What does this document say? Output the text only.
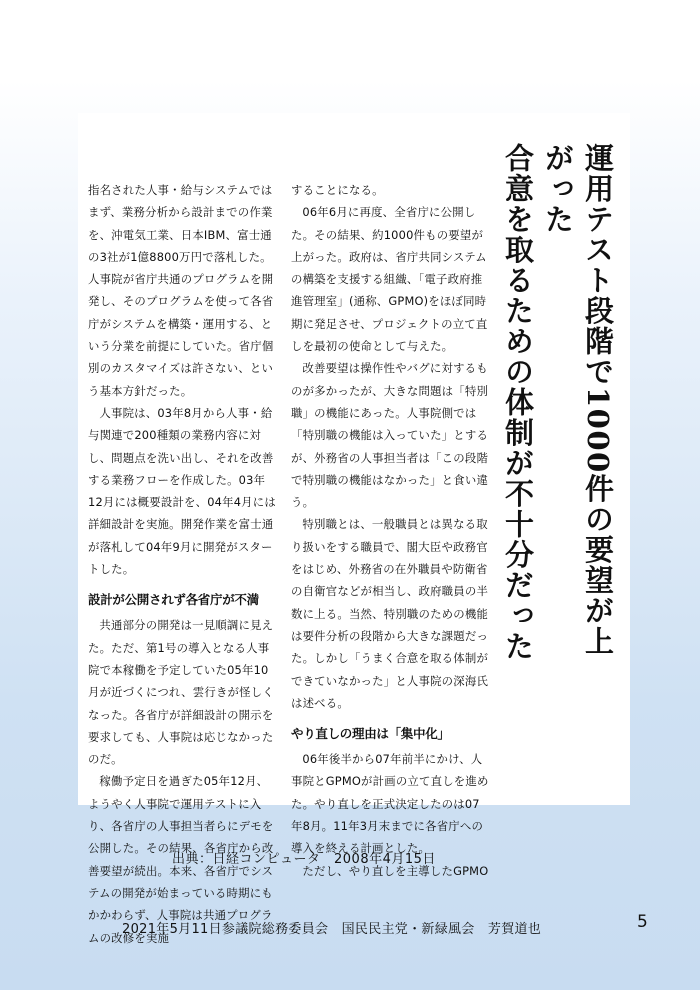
指名された人事・給与システムではまず、業務分析から設計までの作業を、沖電気工業、日本IBM、富士通の3社が1億8800万円で落札した。人事院が省庁共通のプログラムを開発し、そのプログラムを使って各省庁がシステムを構築・運用する、という分業を前提にしていた。省庁個別のカスタマイズは許さない、という基本方針だった。

人事院は、03年8月から人事・給与関連で200種類の業務内容に対し、問題点を洗い出し、それを改善する業務フローを作成した。03年12月には概要設計を、04年4月には詳細設計を実施。開発作業を富士通が落札して04年9月に開発がスタートした。

設計が公開されず各省庁が不満

共通部分の開発は一見順調に見えた。ただ、第1号の導入となる人事院で本稼働を予定していた05年10月が近づくにつれ、雲行きが怪しくなった。各省庁が詳細設計の開示を要求しても、人事院は応じなかったのだ。

稼働予定日を過ぎた05年12月、ようやく人事院で運用テストに入り、各省庁の人事担当者らにデモを公開した。その結果、各省庁から改善要望が続出。本来、各省庁でシステムの開発が始まっている時期にもかかわらず、人事院は共通プログラムの改修を実施

することになる。

06年6月に再度、全省庁に公開した。その結果、約1000件もの要望が上がった。政府は、省庁共同システムの構築を支援する組織、「電子政府推進管理室」(通称、GPMO)をほぼ同時期に発足させ、プロジェクトの立て直しを最初の使命として与えた。

改善要望は操作性やバグに対するものが多かったが、大きな問題は「特別職」の機能にあった。人事院側では「特別職の機能は入っていた」とするが、外務省の人事担当者は「この段階で特別職の機能はなかった」と食い違う。

特別職とは、一般職員とは異なる取り扱いをする職員で、閣大臣や政務官をはじめ、外務省の在外職員や防衛省の自衛官などが相当し、政府職員の半数に上る。当然、特別職のための機能は要件分析の段階から大きな課題だった。しかし「うまく合意を取る体制ができていなかった」と人事院の深海氏は述べる。

やり直しの理由は「集中化」

06年後半から07年前半にかけ、人事院とGPMOが計画の立て直しを進めた。やり直しを正式決定したのは07年8月。11年3月末までに各省庁への導入を終える計画とした。

ただし、やり直しを主導したGPMO

運用テスト段階で1000件の要望が上がった
合意を取るための体制が不十分だった
出典：日経コンピュータ　2008年4月15日
2021年5月11日参議院総務委員会　国民民主党・新緑風会　芳賀道也	5
